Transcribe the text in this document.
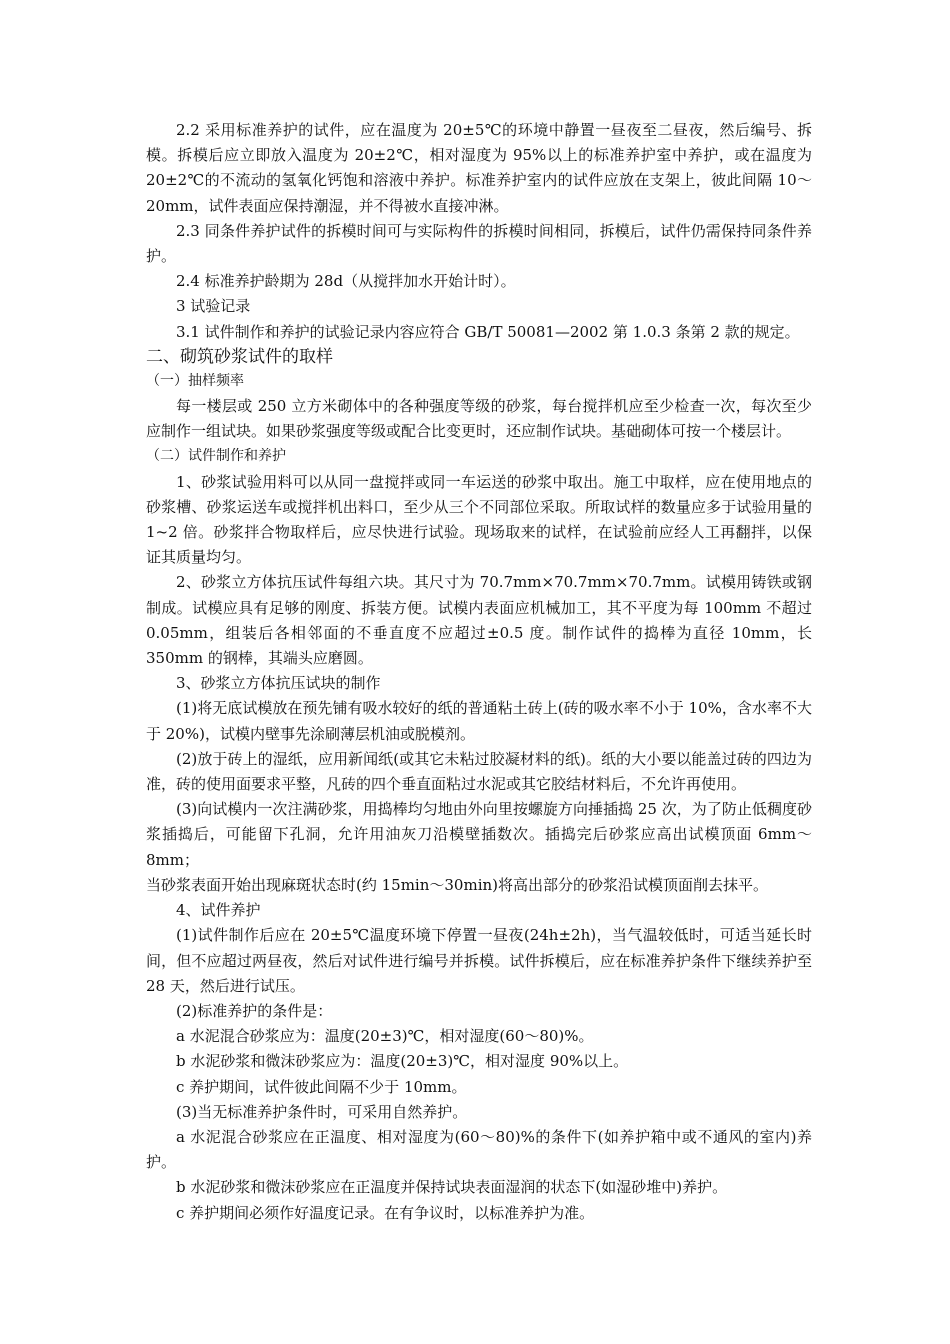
2.2 采用标准养护的试件，应在温度为 20±5℃的环境中静置一昼夜至二昼夜，然后编号、拆模。拆模后应立即放入温度为 20±2℃，相对湿度为 95%以上的标准养护室中养护，或在温度为 20±2℃的不流动的氢氧化钙饱和溶液中养护。标准养护室内的试件应放在支架上，彼此间隔 10～20mm，试件表面应保持潮湿，并不得被水直接冲淋。

2.3 同条件养护试件的拆模时间可与实际构件的拆模时间相同，拆模后，试件仍需保持同条件养护。

2.4 标准养护龄期为 28d（从搅拌加水开始计时）。

3 试验记录

3.1 试件制作和养护的试验记录内容应符合 GB/T 50081—2002 第 1.0.3 条第 2 款的规定。

二、砌筑砂浆试件的取样

（一）抽样频率

每一楼层或 250 立方米砌体中的各种强度等级的砂浆，每台搅拌机应至少检查一次，每次至少应制作一组试块。如果砂浆强度等级或配合比变更时，还应制作试块。基础砌体可按一个楼层计。

（二）试件制作和养护

1、砂浆试验用料可以从同一盘搅拌或同一车运送的砂浆中取出。施工中取样，应在使用地点的砂浆槽、砂浆运送车或搅拌机出料口，至少从三个不同部位采取。所取试样的数量应多于试验用量的 1~2 倍。砂浆拌合物取样后，应尽快进行试验。现场取来的试样，在试验前应经人工再翻拌，以保证其质量均匀。

2、砂浆立方体抗压试件每组六块。其尺寸为 70.7mm×70.7mm×70.7mm。试模用铸铁或钢制成。试模应具有足够的刚度、拆装方便。试模内表面应机械加工，其不平度为每 100mm 不超过 0.05mm，组装后各相邻面的不垂直度不应超过±0.5 度。制作试件的捣棒为直径 10mm，长 350mm 的钢棒，其端头应磨圆。

3、砂浆立方体抗压试块的制作

(1)将无底试模放在预先铺有吸水较好的纸的普通粘土砖上(砖的吸水率不小于 10%，含水率不大于 20%)，试模内壁事先涂刷薄层机油或脱模剂。

(2)放于砖上的湿纸，应用新闻纸(或其它未粘过胶凝材料的纸)。纸的大小要以能盖过砖的四边为准，砖的使用面要求平整，凡砖的四个垂直面粘过水泥或其它胶结材料后，不允许再使用。

(3)向试模内一次注满砂浆，用捣棒均匀地由外向里按螺旋方向捶插捣 25 次，为了防止低稠度砂浆插捣后，可能留下孔洞，允许用油灰刀沿模壁插数次。插捣完后砂浆应高出试模顶面 6mm～8mm；

当砂浆表面开始出现麻斑状态时(约 15min～30min)将高出部分的砂浆沿试模顶面削去抹平。

4、试件养护

(1)试件制作后应在 20±5℃温度环境下停置一昼夜(24h±2h)，当气温较低时，可适当延长时间，但不应超过两昼夜，然后对试件进行编号并拆模。试件拆模后，应在标准养护条件下继续养护至 28 天，然后进行试压。

(2)标准养护的条件是：

a 水泥混合砂浆应为：温度(20±3)℃，相对湿度(60～80)%。

b 水泥砂浆和微沫砂浆应为：温度(20±3)℃，相对湿度 90%以上。

c 养护期间，试件彼此间隔不少于 10mm。

(3)当无标准养护条件时，可采用自然养护。

a 水泥混合砂浆应在正温度、相对湿度为(60～80)%的条件下(如养护箱中或不通风的室内)养护。

b 水泥砂浆和微沫砂浆应在正温度并保持试块表面湿润的状态下(如湿砂堆中)养护。

c 养护期间必须作好温度记录。在有争议时，以标准养护为准。
